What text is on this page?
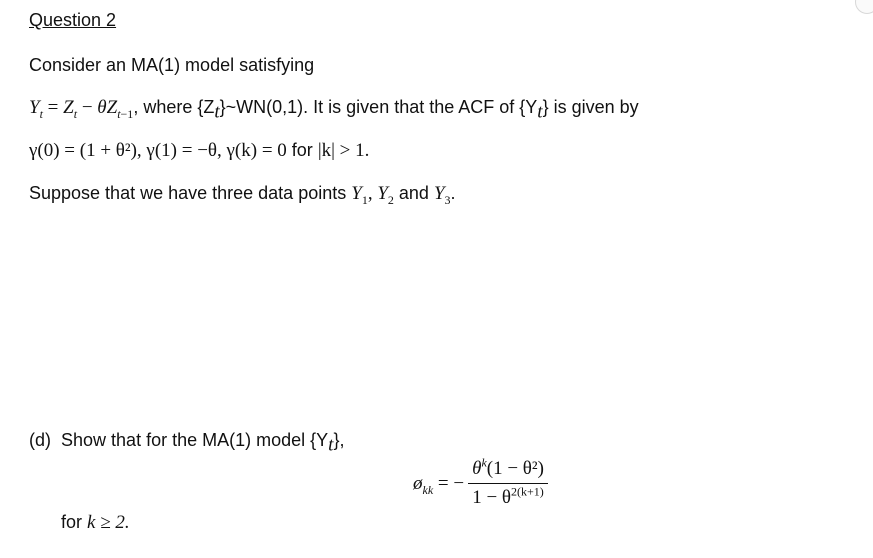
Question 2
Consider an MA(1) model satisfying
$Y_t = Z_t - \theta Z_{t-1}$, where $\{Z_t\}\sim WN(0,1)$. It is given that the ACF of $\{Y_t\}$ is given by
γ(0) = (1 + θ²), γ(1) = −θ, γ(k) = 0 for |k| > 1.
Suppose that we have three data points $Y_1$, $Y_2$ and $Y_3$.
(d) Show that for the MA(1) model $\{Y_t\}$,
$ø_{kk}$
= − $\frac{\theta^k(1 - \theta^2)}{1 - \theta^{2(k+1)}}$
for k ≥ 2.
